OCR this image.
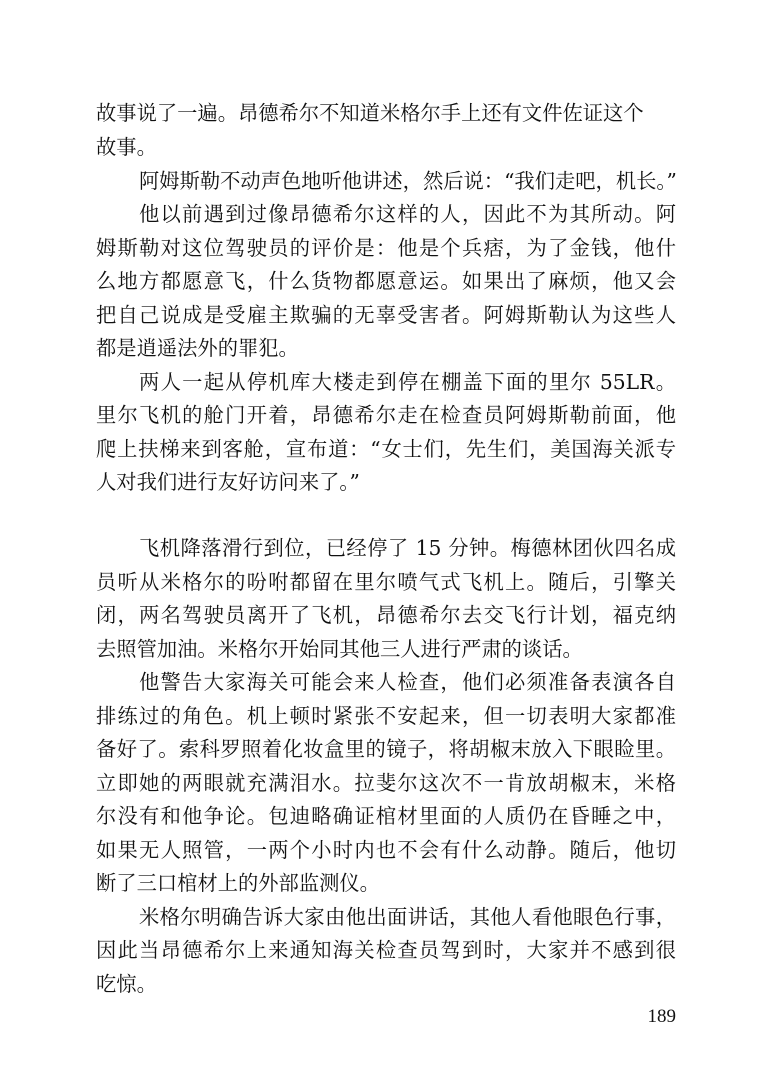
故事说了一遍。昂德希尔不知道米格尔手上还有文件佐证这个
故事。
阿姆斯勒不动声色地听他讲述，然后说：“我们走吧，机长。”
他以前遇到过像昂德希尔这样的人，因此不为其所动。阿
姆斯勒对这位驾驶员的评价是：他是个兵痞，为了金钱，他什
么地方都愿意飞，什么货物都愿意运。如果出了麻烦，他又会
把自己说成是受雇主欺骗的无辜受害者。阿姆斯勒认为这些人
都是逍遥法外的罪犯。
两人一起从停机库大楼走到停在棚盖下面的里尔 55LR。
里尔飞机的舱门开着，昂德希尔走在检查员阿姆斯勒前面，他
爬上扶梯来到客舱，宣布道：“女士们，先生们，美国海关派专
人对我们进行友好访问来了。”
飞机降落滑行到位，已经停了 15 分钟。梅德林团伙四名成
员听从米格尔的吩咐都留在里尔喷气式飞机上。随后，引擎关
闭，两名驾驶员离开了飞机，昂德希尔去交飞行计划，福克纳
去照管加油。米格尔开始同其他三人进行严肃的谈话。
他警告大家海关可能会来人检查，他们必须准备表演各自
排练过的角色。机上顿时紧张不安起来，但一切表明大家都准
备好了。索科罗照着化妆盒里的镜子，将胡椒末放入下眼睑里。
立即她的两眼就充满泪水。拉斐尔这次不一肯放胡椒末，米格
尔没有和他争论。包迪略确证棺材里面的人质仍在昏睡之中，
如果无人照管，一两个小时内也不会有什么动静。随后，他切
断了三口棺材上的外部监测仪。
米格尔明确告诉大家由他出面讲话，其他人看他眼色行事，
因此当昂德希尔上来通知海关检查员驾到时，大家并不感到很
吃惊。
189
